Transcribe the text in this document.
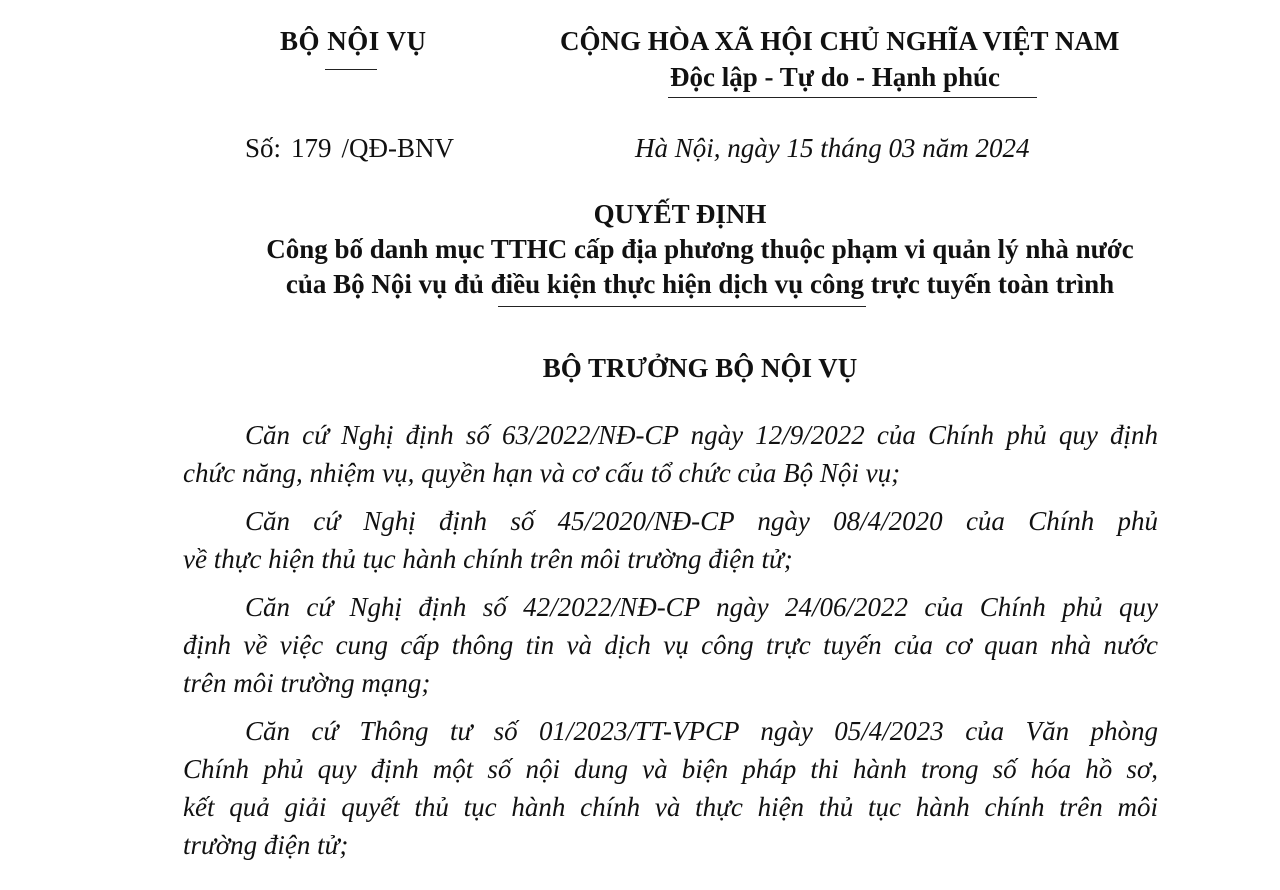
BỘ NỘI VỤ	CỘNG HÒA XÃ HỘI CHỦ NGHĨA VIỆT NAM
Độc lập - Tự do - Hạnh phúc
Số: 179 /QĐ-BNV	Hà Nội, ngày 15 tháng 03 năm 2024
QUYẾT ĐỊNH
Công bố danh mục TTHC cấp địa phương thuộc phạm vi quản lý nhà nước
của Bộ Nội vụ đủ điều kiện thực hiện dịch vụ công trực tuyến toàn trình
BỘ TRƯỞNG BỘ NỘI VỤ

Căn cứ Nghị định số 63/2022/NĐ-CP ngày 12/9/2022 của Chính phủ quy định
chức năng, nhiệm vụ, quyền hạn và cơ cấu tổ chức của Bộ Nội vụ;

Căn cứ Nghị định số 45/2020/NĐ-CP ngày 08/4/2020 của Chính phủ
về thực hiện thủ tục hành chính trên môi trường điện tử;

Căn cứ Nghị định số 42/2022/NĐ-CP ngày 24/06/2022 của Chính phủ quy
định về việc cung cấp thông tin và dịch vụ công trực tuyến của cơ quan nhà nước
trên môi trường mạng;

Căn cứ Thông tư số 01/2023/TT-VPCP ngày 05/4/2023 của Văn phòng
Chính phủ quy định một số nội dung và biện pháp thi hành trong số hóa hồ sơ,
kết quả giải quyết thủ tục hành chính và thực hiện thủ tục hành chính trên môi
trường điện tử;
